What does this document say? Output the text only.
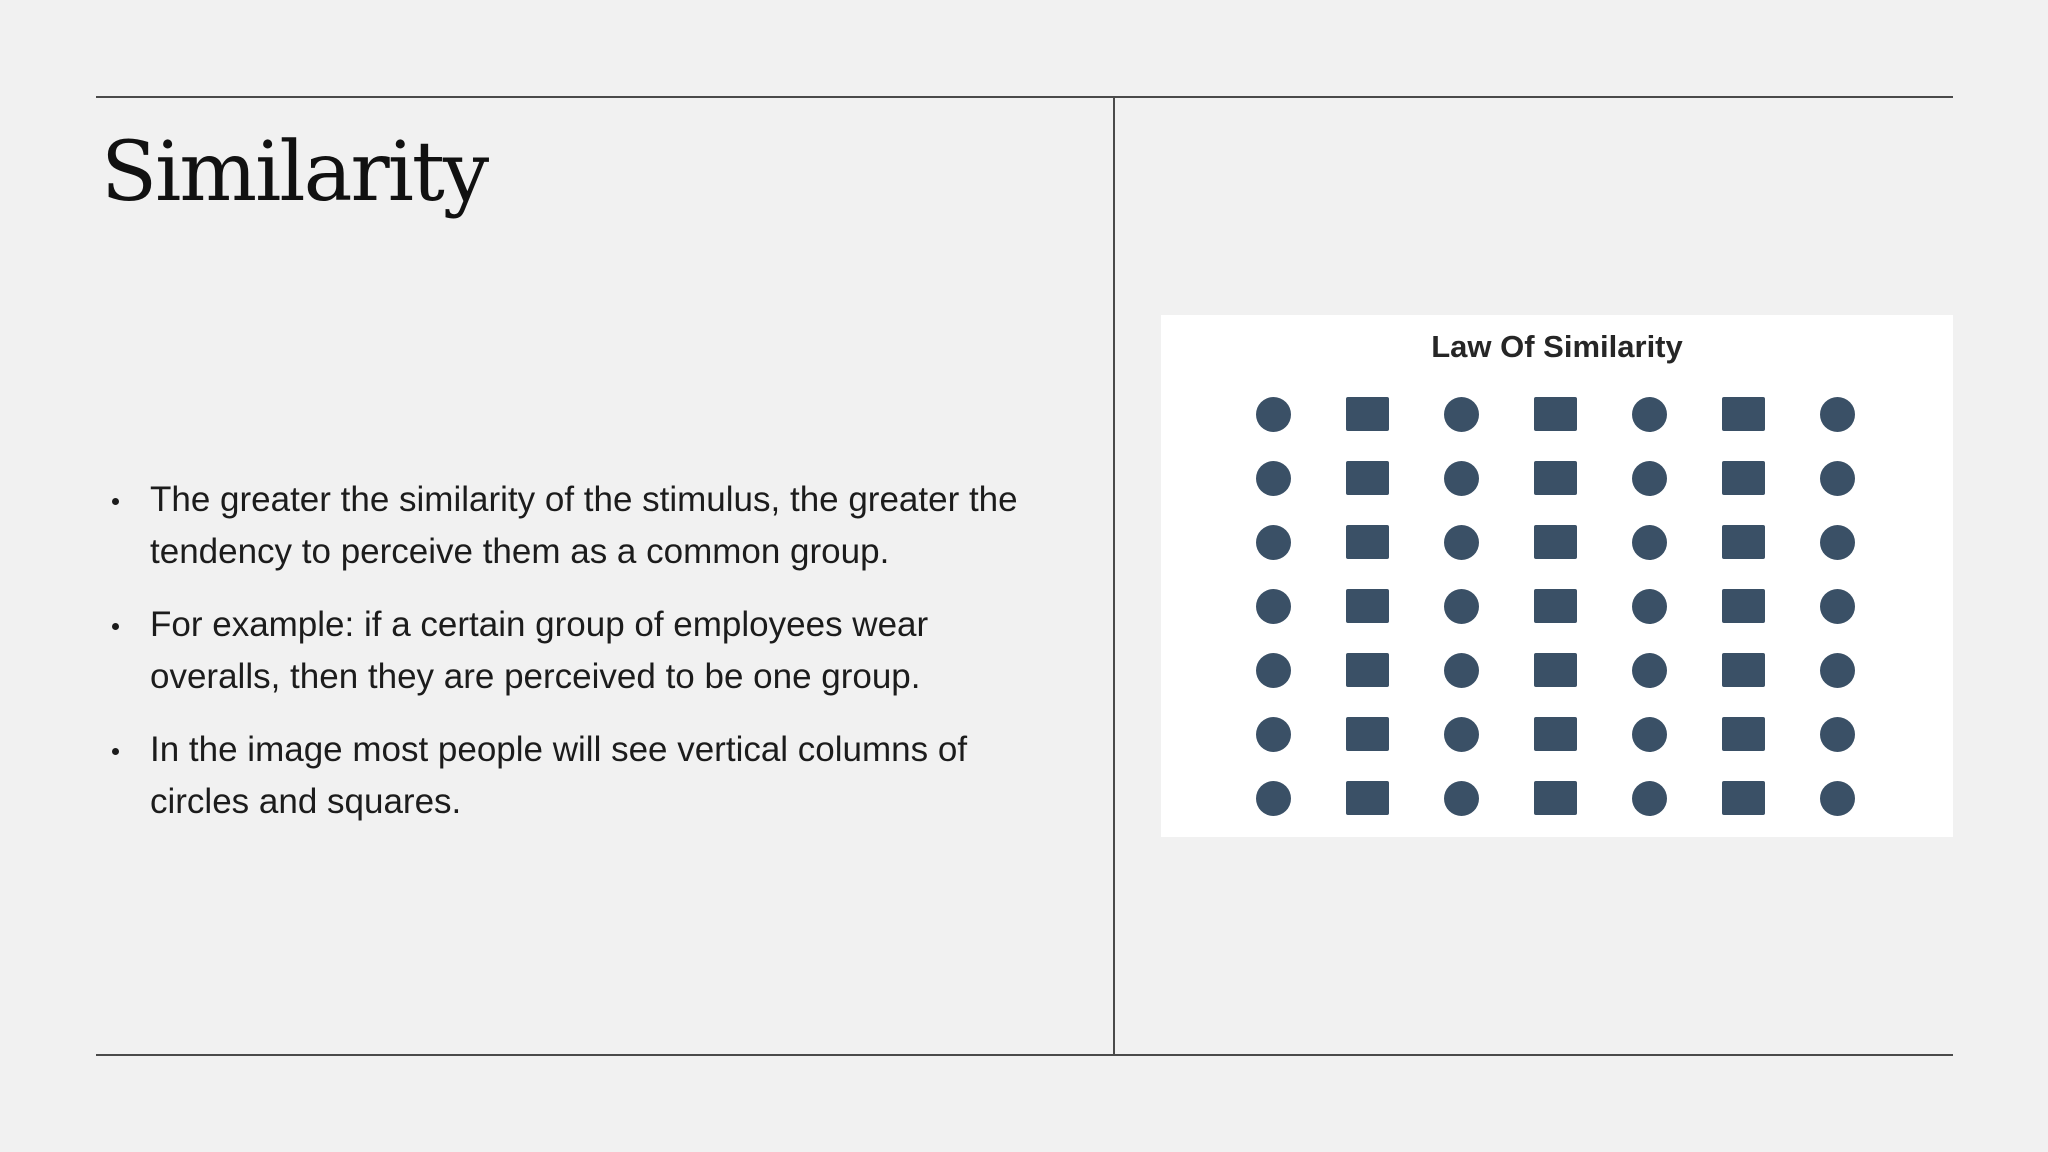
Similarity
The greater the similarity of the stimulus, the greater the tendency to perceive them as a common group.
For example: if a certain group of employees wear overalls, then they are perceived to be one group.
In the image most people will see vertical columns of circles and squares.
Law Of Similarity
